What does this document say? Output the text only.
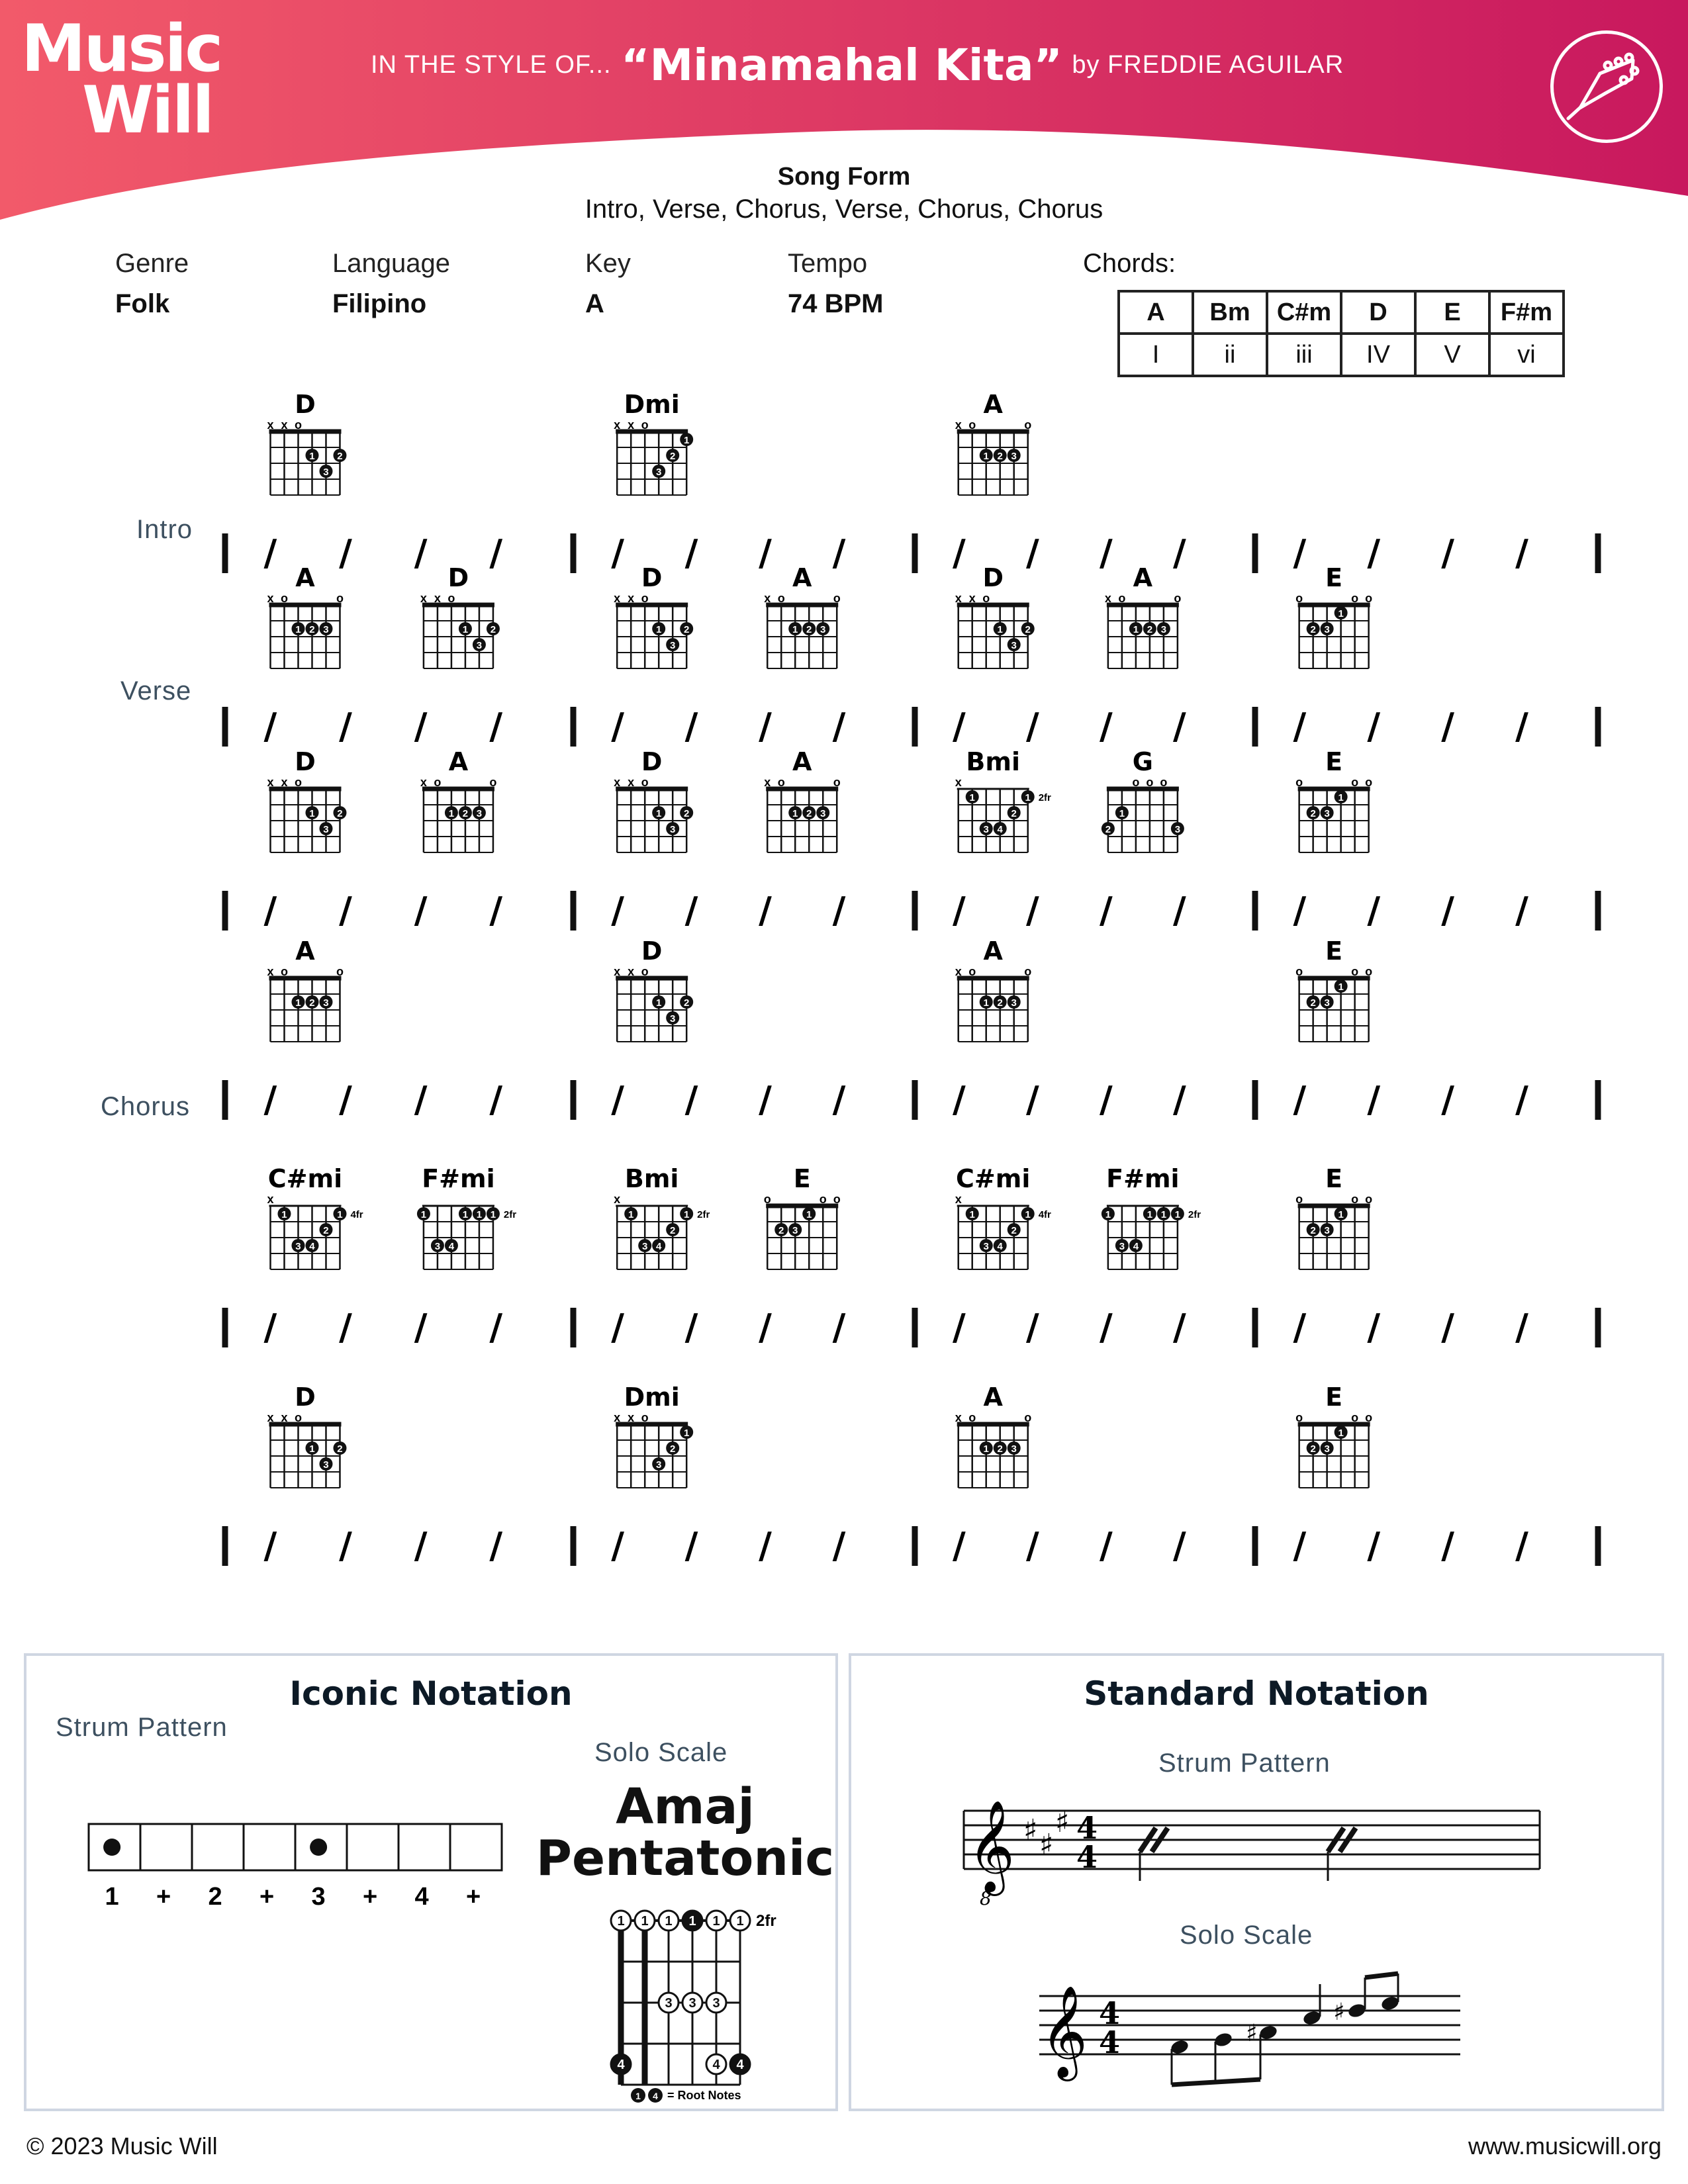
Music
Will
IN THE STYLE OF... “Minamahal Kita” by FREDDIE AGUILAR
Song Form
Intro, Verse, Chorus, Verse, Chorus, Chorus
Genre
Folk
Language
Filipino
Key
A
Tempo
74 BPM
Chords:
A	Bm	C#m	D	E	F#m
I	ii	iii	IV	V	vi
Intro
Verse
Chorus
/ / / /
D
x x o
1 2
3
/ / / /
Dmi
x x o
1
2
3
/ / / /
A
x o	o
1 2 3
/ / / /
/ / / /
A
x o	o
1 2 3
D
x x o
1 2
3
/ / / /
D
x x o
1 2
3
A
x o	o
1 2 3
/ / / /
D
x x o
1 2
3
A
x o	o
1 2 3
/ / / /
E
o	o o
1
2 3
/ / / /
D
x x o
1 2
3
A
x o	o
1 2 3
/ / / /
D
x x o
1 2
3
A
x o	o
1 2 3
/ / / /
Bmi
x
2fr
1	1
2
3 4
G
o o o
2
1
3
/ / / /
E
o	o o
1
2 3
/ / / /
A
x o	o
1 2 3
/ / / /
D
x x o
1 2
3
/ / / /
A
x o	o
1 2 3
/ / / /
E
o	o o
1
2 3
/ / / /
C#mi
x
4fr
1	1
2
3 4
F#mi
2fr
1	1 1 1
3 4
/ / / /
Bmi
x
2fr
1	1
2
3 4
E
o	o o
1
2 3
/ / / /
C#mi
x
4fr
1	1
2
3 4
F#mi
2fr
1	1 1 1
3 4
/ / / /
E
o	o o
1
2 3
/ / / /
D
x x o
1 2
3
/ / / /
Dmi
x x o
1
2
3
/ / / /
A
x o	o
1 2 3
/ / / /
E
o	o o
1
2 3
Iconic Notation
Strum Pattern
1 + 2 + 3 + 4 +
Solo Scale
Amaj
Pentatonic
1 1 1 1 1 1
3 3 3
4	4 4
2fr
1 4 = Root Notes
Standard Notation
Strum Pattern
𝄞
8
♯ ♯
♯ 4
4
Solo Scale
𝄞 4
4	♯
♯
© 2023 Music Will	www.musicwill.org
